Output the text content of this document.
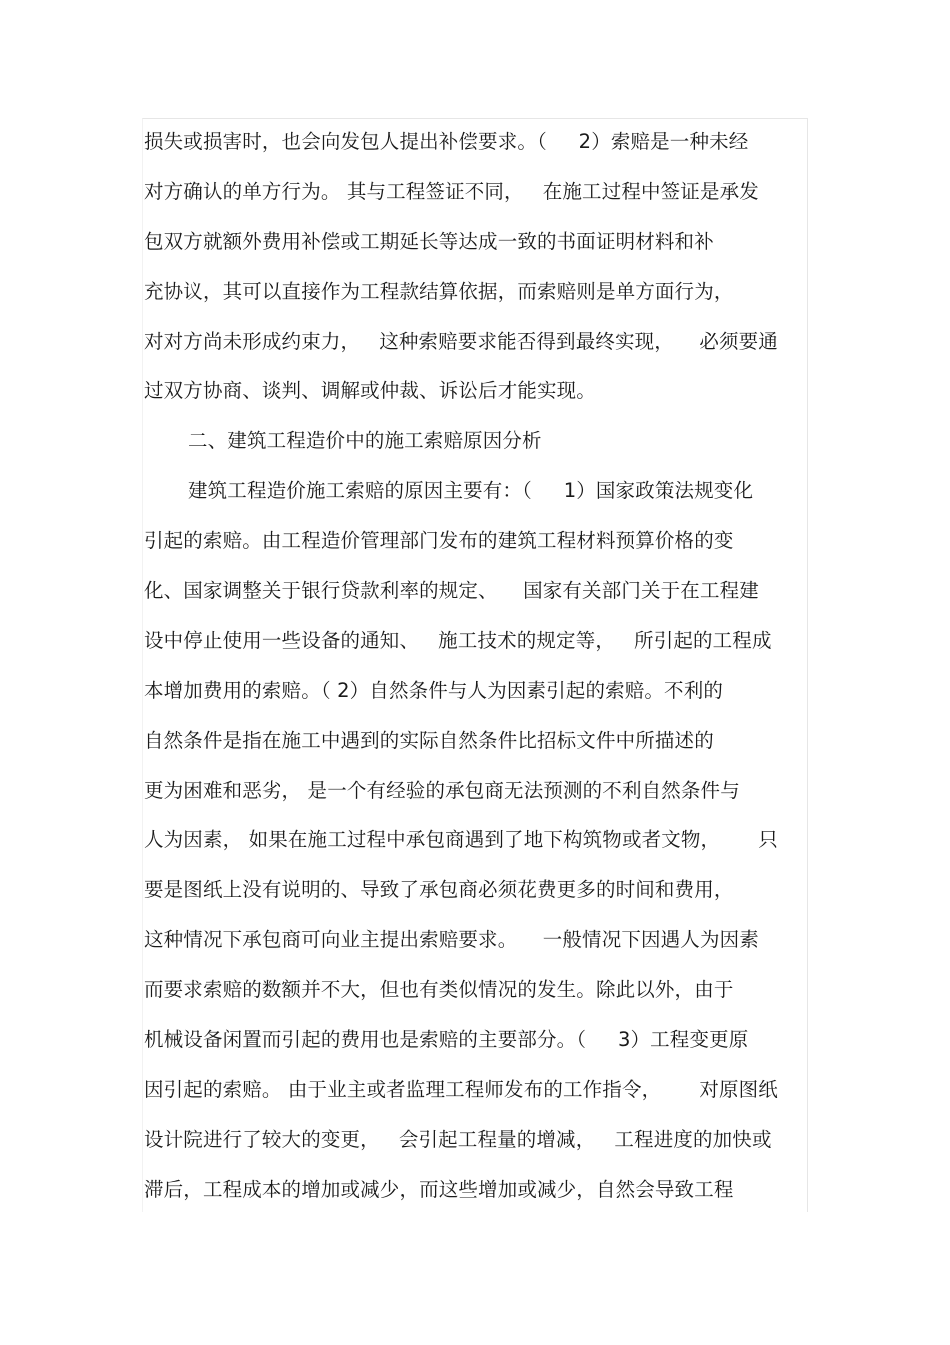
损失或损害时，也会向发包人提出补偿要求。（     2）索赔是一种未经
对方确认的单方行为。 其与工程签证不同，   在施工过程中签证是承发
包双方就额外费用补偿或工期延长等达成一致的书面证明材料和补
充协议，其可以直接作为工程款结算依据，而索赔则是单方面行为，
对对方尚未形成约束力，   这种索赔要求能否得到最终实现，    必须要通
过双方协商、谈判、调解或仲裁、诉讼后才能实现。
二、建筑工程造价中的施工索赔原因分析
建筑工程造价施工索赔的原因主要有：（     1）国家政策法规变化
引起的索赔。由工程造价管理部门发布的建筑工程材料预算价格的变
化、国家调整关于银行贷款利率的规定、    国家有关部门关于在工程建
设中停止使用一些设备的通知、   施工技术的规定等，   所引起的工程成
本增加费用的索赔。（ 2）自然条件与人为因素引起的索赔。不利的
自然条件是指在施工中遇到的实际自然条件比招标文件中所描述的
更为困难和恶劣， 是一个有经验的承包商无法预测的不利自然条件与
人为因素， 如果在施工过程中承包商遇到了地下构筑物或者文物，      只
要是图纸上没有说明的、导致了承包商必须花费更多的时间和费用，
这种情况下承包商可向业主提出索赔要求。    一般情况下因遇人为因素
而要求索赔的数额并不大，但也有类似情况的发生。除此以外，由于
机械设备闲置而引起的费用也是索赔的主要部分。（     3）工程变更原
因引起的索赔。 由于业主或者监理工程师发布的工作指令，      对原图纸
设计院进行了较大的变更，   会引起工程量的增减，   工程进度的加快或
滞后，工程成本的增加或减少，而这些增加或减少，自然会导致工程
